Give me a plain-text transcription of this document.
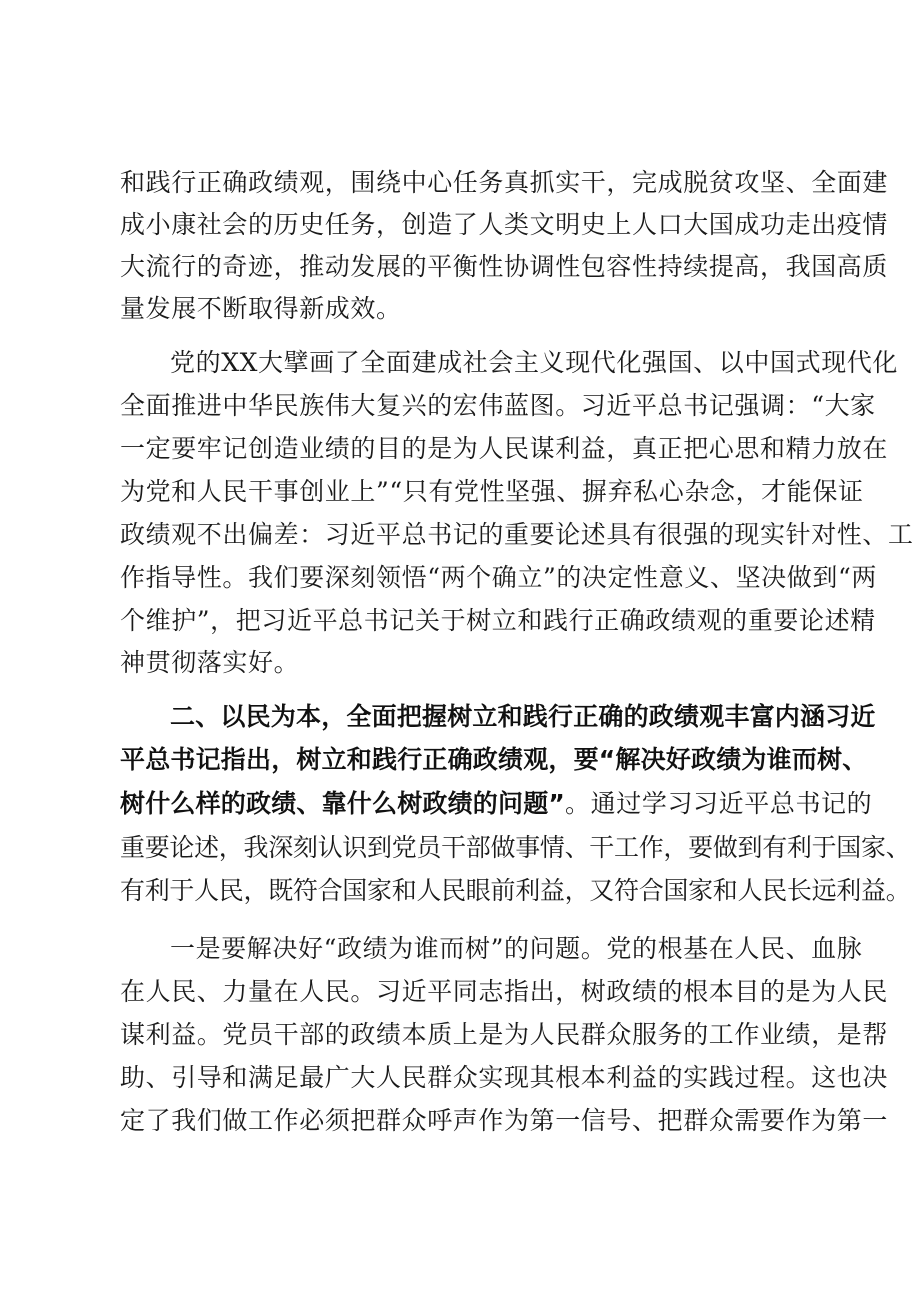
和践行正确政绩观，围绕中心任务真抓实干，完成脱贫攻坚、全面建
成小康社会的历史任务，创造了人类文明史上人口大国成功走出疫情
大流行的奇迹，推动发展的平衡性协调性包容性持续提高，我国高质
量发展不断取得新成效。
党的XX大擘画了全面建成社会主义现代化强国、以中国式现代化
全面推进中华民族伟大复兴的宏伟蓝图。习近平总书记强调：“大家
一定要牢记创造业绩的目的是为人民谋利益，真正把心思和精力放在
为党和人民干事创业上”“只有党性坚强、摒弃私心杂念，才能保证
政绩观不出偏差：习近平总书记的重要论述具有很强的现实针对性、工
作指导性。我们要深刻领悟“两个确立”的决定性意义、坚决做到“两
个维护”，把习近平总书记关于树立和践行正确政绩观的重要论述精
神贯彻落实好。
二、以民为本，全面把握树立和践行正确的政绩观丰富内涵习近
平总书记指出，树立和践行正确政绩观，要“解决好政绩为谁而树、
树什么样的政绩、靠什么树政绩的问题”。通过学习习近平总书记的
重要论述，我深刻认识到党员干部做事情、干工作，要做到有利于国家、
有利于人民，既符合国家和人民眼前利益，又符合国家和人民长远利益。
一是要解决好“政绩为谁而树”的问题。党的根基在人民、血脉
在人民、力量在人民。习近平同志指出，树政绩的根本目的是为人民
谋利益。党员干部的政绩本质上是为人民群众服务的工作业绩，是帮
助、引导和满足最广大人民群众实现其根本利益的实践过程。这也决
定了我们做工作必须把群众呼声作为第一信号、把群众需要作为第一
